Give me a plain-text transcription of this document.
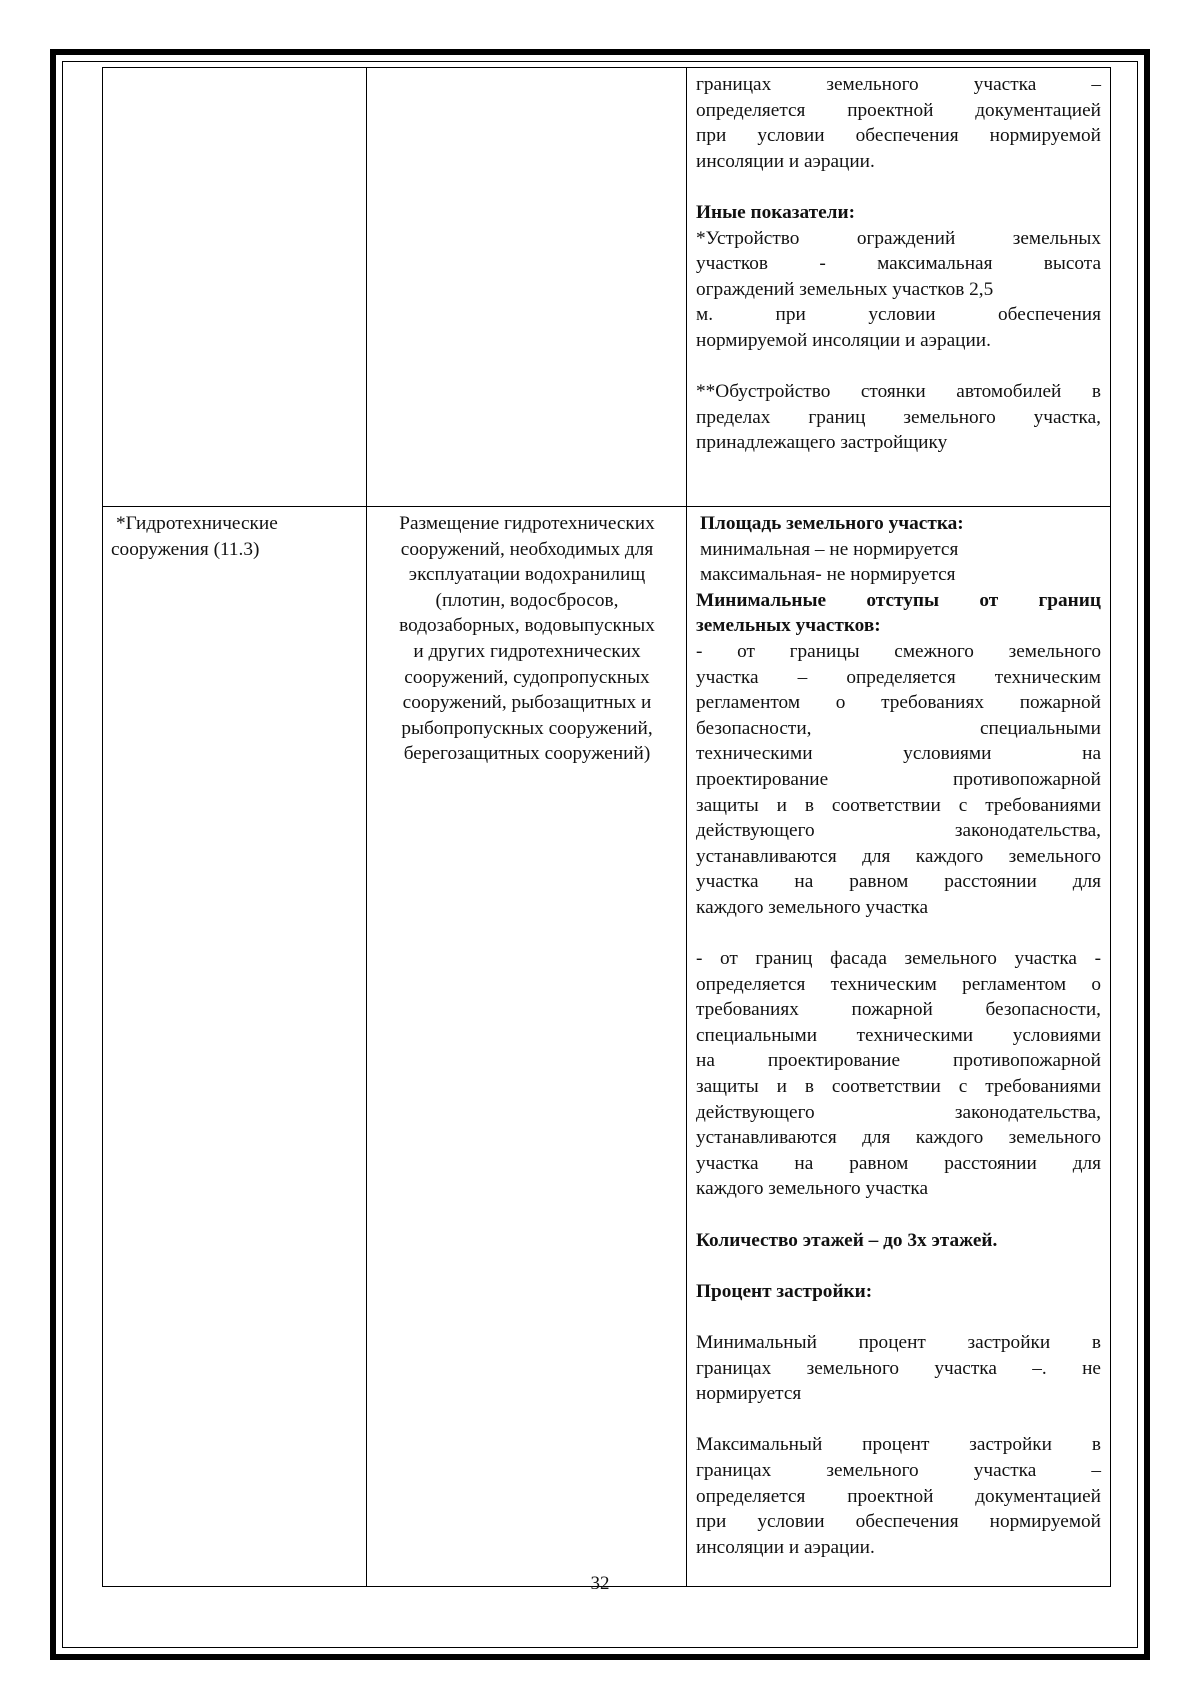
границах земельного участка –
определяется проектной документацией
при условии обеспечения нормируемой
инсоляции и аэрации.
Иные показатели:
*Устройство ограждений земельных
участков - максимальная высота
ограждений земельных участков 2,5
м. при условии обеспечения
нормируемой инсоляции и аэрации.
**Обустройство стоянки автомобилей в
пределах границ земельного участка,
принадлежащего застройщику
*Гидротехнические
сооружения (11.3)
Размещение гидротехнических
сооружений, необходимых для
эксплуатации водохранилищ
(плотин, водосбросов,
водозаборных, водовыпускных
и других гидротехнических
сооружений, судопропускных
сооружений, рыбозащитных и
рыбопропускных сооружений,
берегозащитных сооружений)
Площадь земельного участка:
минимальная – не нормируется
максимальная- не нормируется
Минимальные отступы от границ
земельных участков:
- от границы смежного земельного
участка – определяется техническим
регламентом о требованиях пожарной
безопасности, специальными
техническими условиями на
проектирование противопожарной
защиты и в соответствии с требованиями
действующего законодательства,
устанавливаются для каждого земельного
участка на равном расстоянии для
каждого земельного участка
- от границ фасада земельного участка -
определяется техническим регламентом о
требованиях пожарной безопасности,
специальными техническими условиями
на проектирование противопожарной
защиты и в соответствии с требованиями
действующего законодательства,
устанавливаются для каждого земельного
участка на равном расстоянии для
каждого земельного участка
Количество этажей – до 3х этажей.
Процент застройки:
Минимальный процент застройки в
границах земельного участка –. не
нормируется
Максимальный процент застройки в
границах земельного участка –
определяется проектной документацией
при условии обеспечения нормируемой
инсоляции и аэрации.
32
